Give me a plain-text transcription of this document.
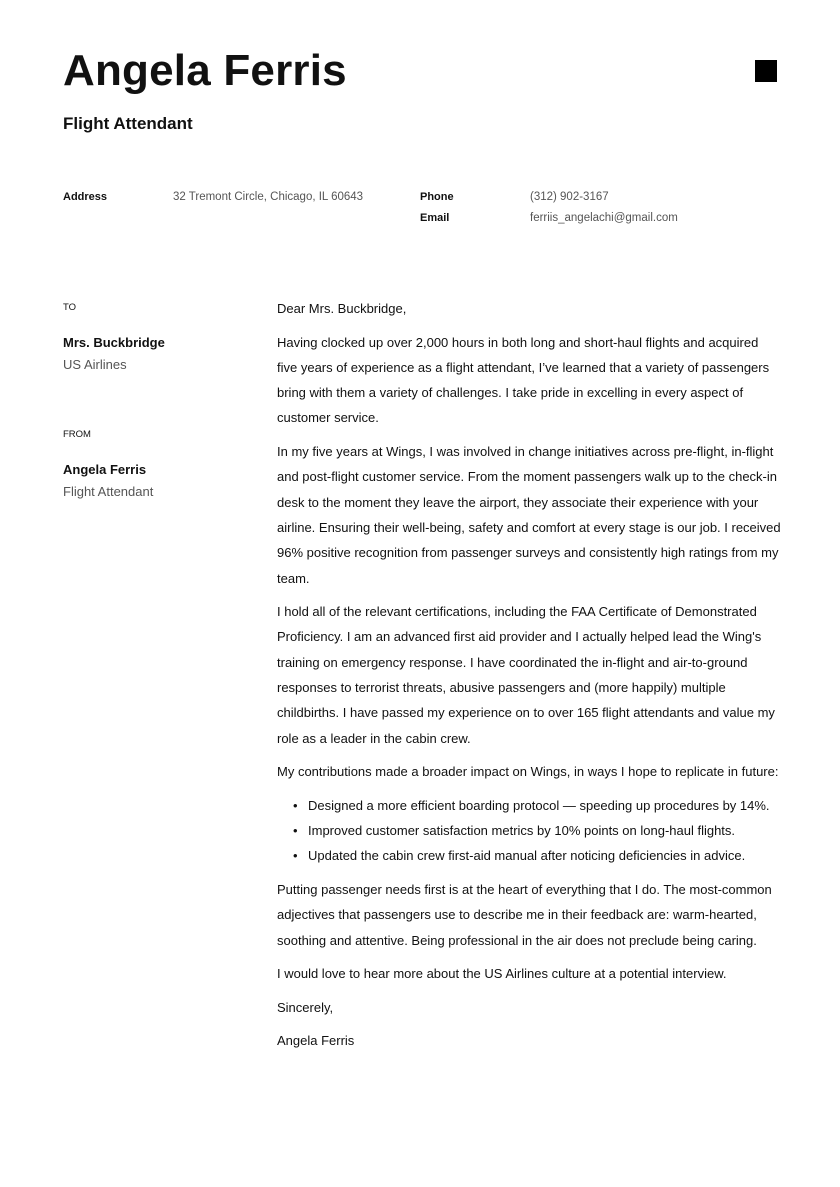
Angela Ferris
Flight Attendant
Address	32 Tremont Circle, Chicago, IL 60643	Phone	(312) 902-3167
Email	ferriis_angelachi@gmail.com
TO
Mrs. Buckbridge
US Airlines
FROM
Angela Ferris
Flight Attendant

Dear Mrs. Buckbridge,

Having clocked up over 2,000 hours in both long and short-haul flights and acquired five years of experience as a flight attendant, I’ve learned that a variety of passengers bring with them a variety of challenges. I take pride in excelling in every aspect of customer service.

In my five years at Wings, I was involved in change initiatives across pre-flight, in-flight and post-flight customer service. From the moment passengers walk up to the check-in desk to the moment they leave the airport, they associate their experience with your airline. Ensuring their well-being, safety and comfort at every stage is our job. I received 96% positive recognition from passenger surveys and consistently high ratings from my team.

I hold all of the relevant certifications, including the FAA Certificate of Demonstrated Proficiency. I am an advanced first aid provider and I actually helped lead the Wing's training on emergency response. I have coordinated the in-flight and air-to-ground responses to terrorist threats, abusive passengers and (more happily) multiple childbirths. I have passed my experience on to over 165 flight attendants and value my role as a leader in the cabin crew.

My contributions made a broader impact on Wings, in ways I hope to replicate in future:

• Designed a more efficient boarding protocol — speeding up procedures by 14%.
• Improved customer satisfaction metrics by 10% points on long-haul flights.
• Updated the cabin crew first-aid manual after noticing deficiencies in advice.

Putting passenger needs first is at the heart of everything that I do. The most-common adjectives that passengers use to describe me in their feedback are: warm-hearted, soothing and attentive. Being professional in the air does not preclude being caring.

I would love to hear more about the US Airlines culture at a potential interview.

Sincerely,

Angela Ferris
